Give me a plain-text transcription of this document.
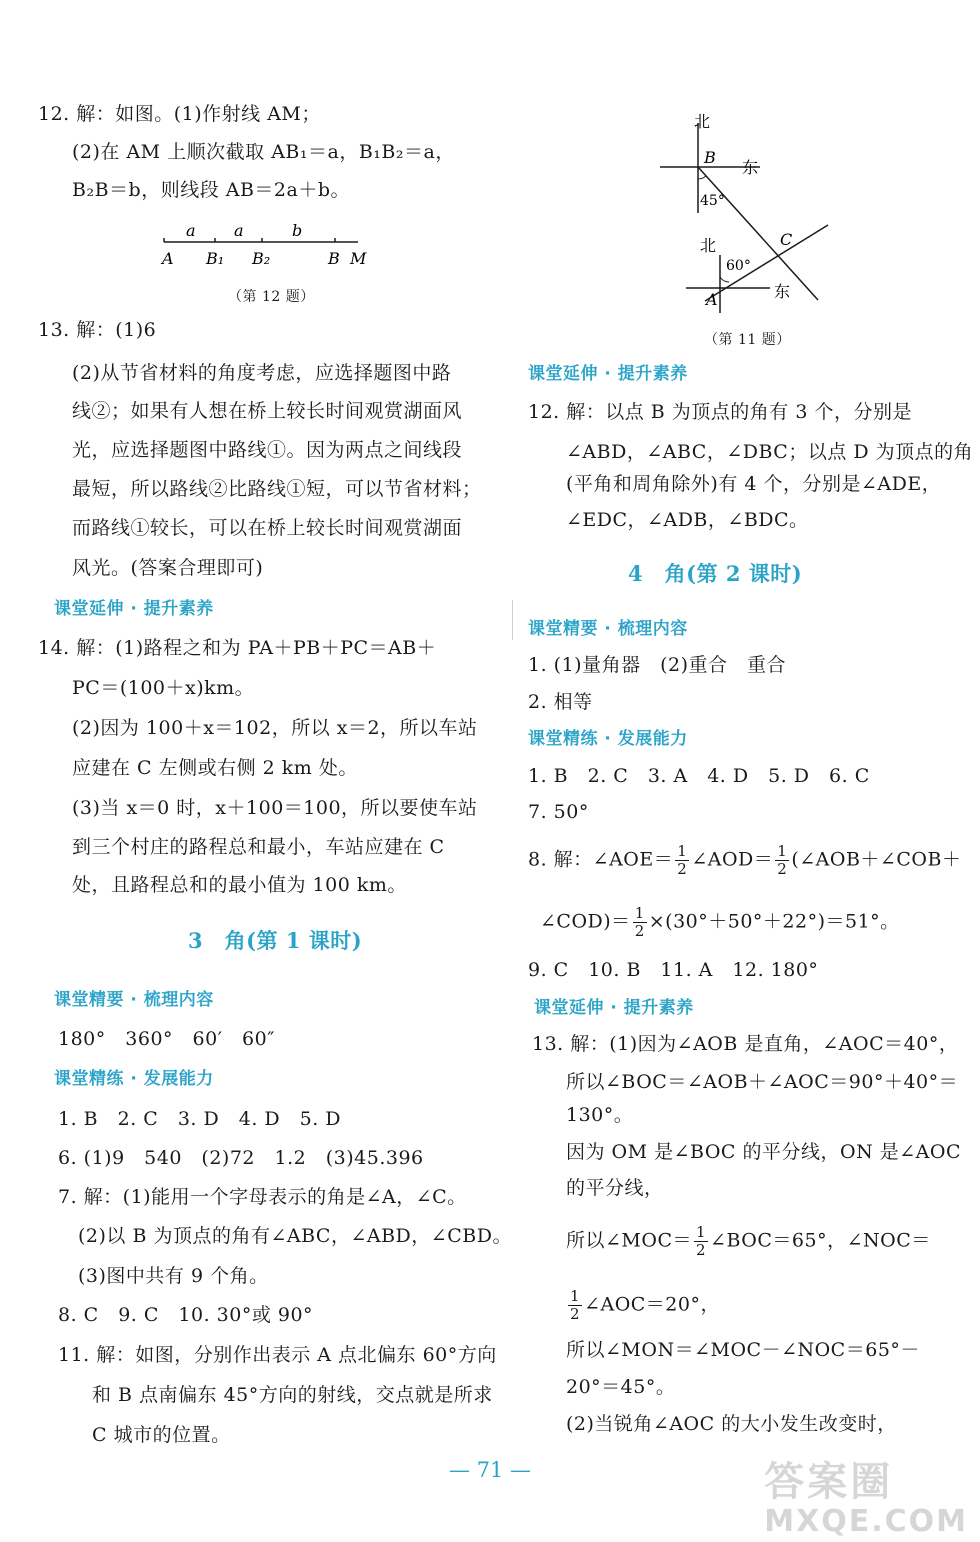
12. 解：如图。(1)作射线 AM；
(2)在 AM 上顺次截取 AB₁＝a，B₁B₂＝a，
B₂B＝b，则线段 AB＝2a＋b。
a a	b
A B₁ B₂	B M
（第 12 题）
13. 解：(1)6
(2)从节省材料的角度考虑，应选择题图中路
线②；如果有人想在桥上较长时间观赏湖面风
光，应选择题图中路线①。因为两点之间线段
最短，所以路线②比路线①短，可以节省材料；
而路线①较长，可以在桥上较长时间观赏湖面
风光。(答案合理即可)
课堂延伸 · 提升素养
14. 解：(1)路程之和为 PA＋PB＋PC＝AB＋
PC＝(100＋x)km。
(2)因为 100＋x＝102，所以 x＝2，所以车站
应建在 C 左侧或右侧 2 km 处。
(3)当 x＝0 时，x＋100＝100，所以要使车站
到三个村庄的路程总和最小，车站应建在 C
处，且路程总和的最小值为 100 km。
3　角(第 1 课时)
课堂精要 · 梳理内容
180°　360°　60′　60″
课堂精练 · 发展能力
1. B　2. C　3. D　4. D　5. D
6. (1)9　540　(2)72　1.2　(3)45.396
7. 解：(1)能用一个字母表示的角是∠A，∠C。
(2)以 B 为顶点的角有∠ABC，∠ABD，∠CBD。
(3)图中共有 9 个角。
8. C　9. C　10. 30°或 90°
11. 解：如图，分别作出表示 A 点北偏东 60°方向
和 B 点南偏东 45°方向的射线，交点就是所求
C 城市的位置。
北
东
B
45°
C
北
60°
A	东
（第 11 题）
课堂延伸 · 提升素养
12. 解：以点 B 为顶点的角有 3 个，分别是
∠ABD，∠ABC，∠DBC；以点 D 为顶点的角
(平角和周角除外)有 4 个，分别是∠ADE，
∠EDC，∠ADB，∠BDC。
4　角(第 2 课时)
课堂精要 · 梳理内容
1. (1)量角器　(2)重合　重合
2. 相等
课堂精练 · 发展能力
1. B　2. C　3. A　4. D　5. D　6. C
7. 50°
8. 解：∠AOE＝ $\frac{1}{2}$ ∠AOD＝ $\frac{1}{2}$ (∠AOB＋∠COB＋
∠COD)＝ $\frac{1}{2} \times(30^\circ+50^\circ+22^\circ)=51^\circ$。
9. C　10. B　11. A　12. 180°
课堂延伸 · 提升素养
13. 解：(1)因为∠AOB 是直角，∠AOC＝40°，
所以∠BOC＝∠AOB＋∠AOC＝90°＋40°＝
130°。
因为 OM 是∠BOC 的平分线，ON 是∠AOC
的平分线，
所以∠MOC＝ $\frac{1}{2}$ ∠BOC＝65°，∠NOC＝
$\frac{1}{2}$ ∠AOC＝20°，
所以∠MON＝∠MOC－∠NOC＝65°－
20°＝45°。
(2)当锐角∠AOC 的大小发生改变时，
— 71 —	答案圈
MXQE.COM
